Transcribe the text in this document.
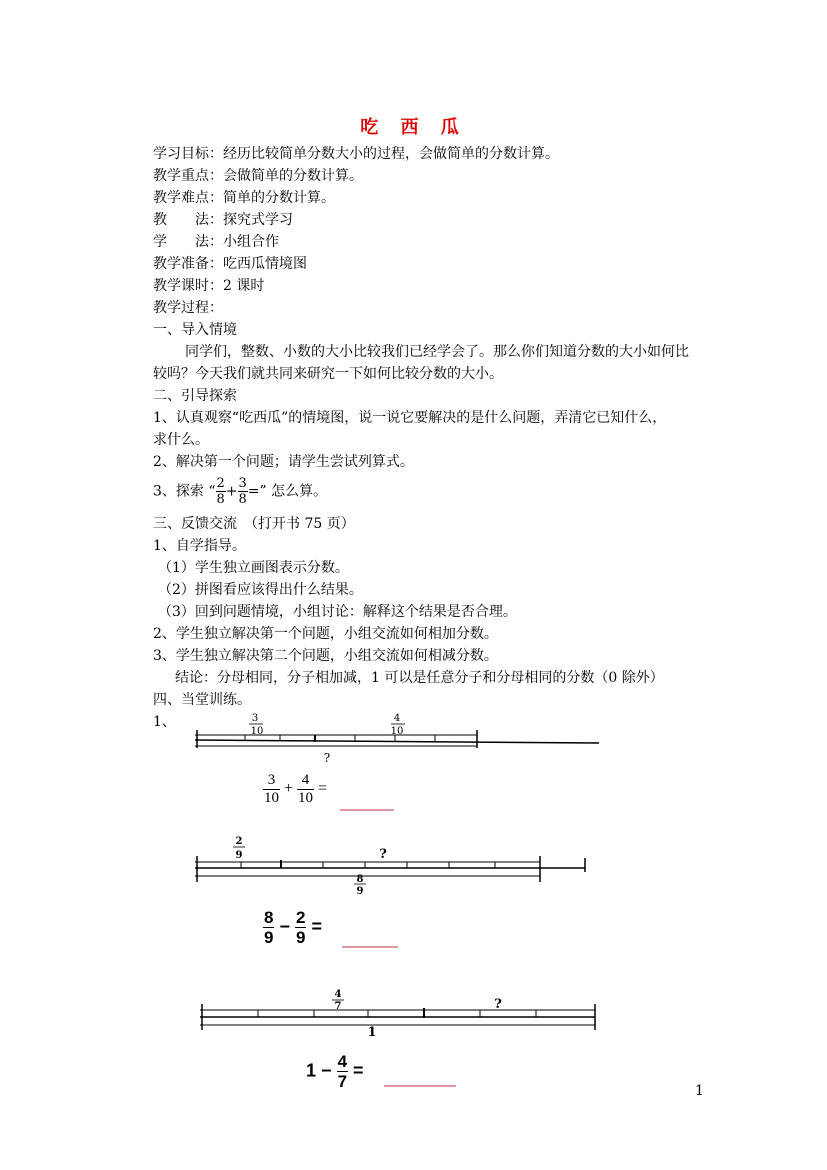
吃 西 瓜
学习目标：经历比较简单分数大小的过程，会做简单的分数计算。
教学重点：会做简单的分数计算。
教学难点：简单的分数计算。
教　　法：探究式学习
学　　法：小组合作
教学准备：吃西瓜情境图
教学课时：2 课时
教学过程：
一、导入情境
同学们，整数、小数的大小比较我们已经学会了。那么你们知道分数的大小如何比
较吗？今天我们就共同来研究一下如何比较分数的大小。
二、引导探索
1、认真观察“吃西瓜”的情境图，说一说它要解决的是什么问题，弄清它已知什么，
求什么。
2、解决第一个问题；请学生尝试列算式。
3、探索 “ $\frac{2}{8} + \frac{3}{8}$ =” 怎么算。
三、反馈交流　（打开书 75 页）
1、自学指导。
（1）学生独立画图表示分数。
（2）拼图看应该得出什么结果。
（3）回到问题情境，小组讨论：解释这个结果是否合理。
2、学生独立解决第一个问题，小组交流如何相加分数。
3、学生独立解决第二个问题，小组交流如何相减分数。
结论：分母相同，分子相加减，1 可以是任意分子和分母相同的分数（0 除外）
四、当堂训练。
1、	3
10
4
10
?
$\frac{3}{10} + \frac{4}{10}$ =
2
9	?
8
9
$\frac{8}{9} - \frac{2}{9}$ =
4
7	?
1
$1 - \frac{4}{7}$ =
1
